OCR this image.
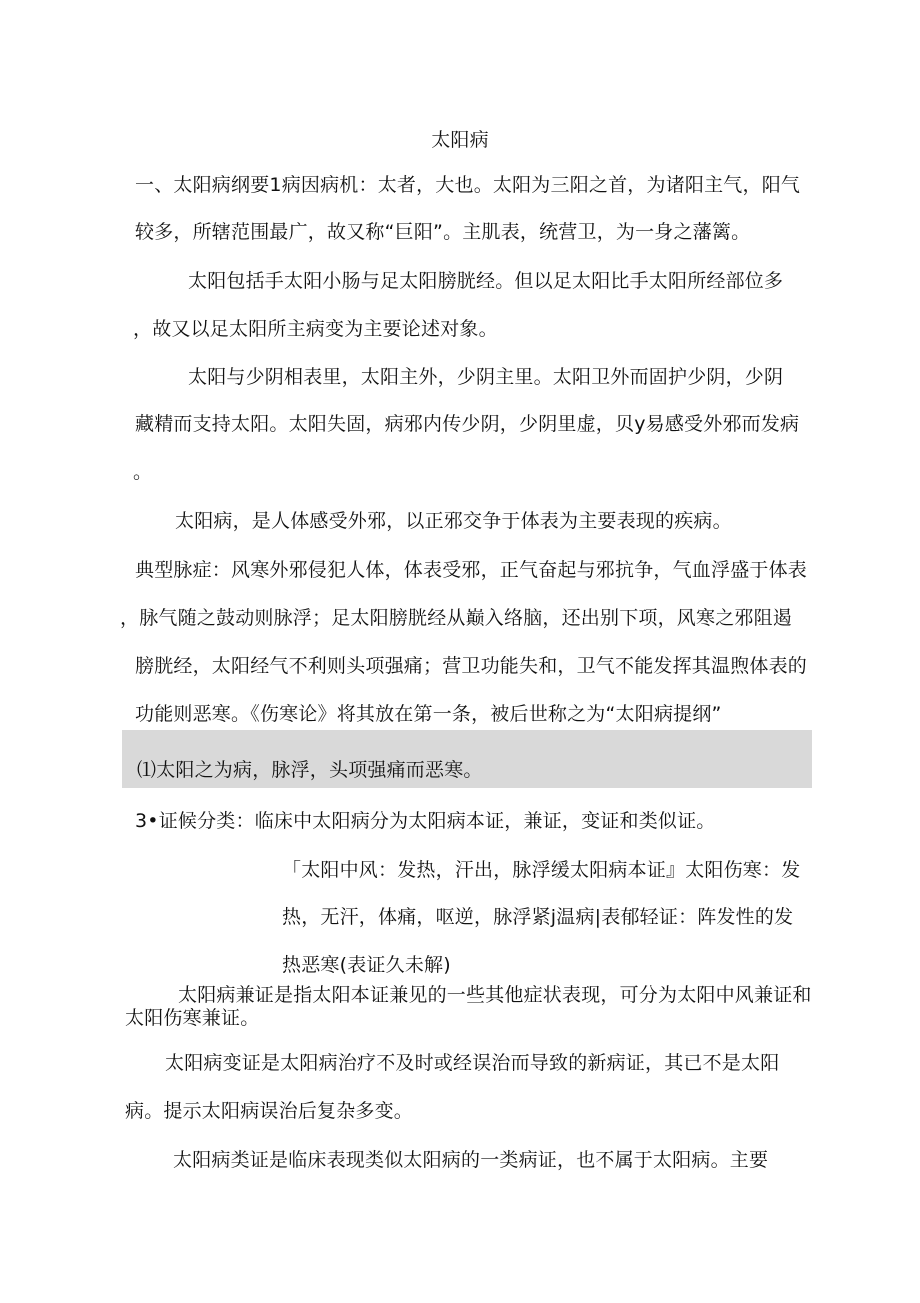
太阳病
一、太阳病纲要1病因病机：太者，大也。太阳为三阳之首，为诸阳主气，阳气
较多，所辖范围最广，故又称“巨阳”。主肌表，统营卫，为一身之藩篱。
太阳包括手太阳小肠与足太阳膀胱经。但以足太阳比手太阳所经部位多
，故又以足太阳所主病变为主要论述对象。
太阳与少阴相表里，太阳主外，少阴主里。太阳卫外而固护少阴，少阴
藏精而支持太阳。太阳失固，病邪内传少阴，少阴里虚，贝y易感受外邪而发病
。
太阳病，是人体感受外邪，以正邪交争于体表为主要表现的疾病。
典型脉症：风寒外邪侵犯人体，体表受邪，正气奋起与邪抗争，气血浮盛于体表
，脉气随之鼓动则脉浮；足太阳膀胱经从巅入络脑，还出别下项，风寒之邪阻遏
膀胱经，太阳经气不利则头项强痛；营卫功能失和，卫气不能发挥其温煦体表的
功能则恶寒。《伤寒论》将其放在第一条，被后世称之为“太阳病提纲”
⑴太阳之为病，脉浮，头项强痛而恶寒。
3•证候分类：临床中太阳病分为太阳病本证，兼证，变证和类似证。
「太阳中风：发热，汗出，脉浮缓太阳病本证』太阳伤寒：发
热，无汗，体痛，呕逆，脉浮紧j温病|表郁轻证：阵发性的发
热恶寒(表证久未解)
太阳病兼证是指太阳本证兼见的一些其他症状表现，可分为太阳中风兼证和
太阳伤寒兼证。
太阳病变证是太阳病治疗不及时或经误治而导致的新病证，其已不是太阳
病。提示太阳病误治后复杂多变。
太阳病类证是临床表现类似太阳病的一类病证，也不属于太阳病。主要
